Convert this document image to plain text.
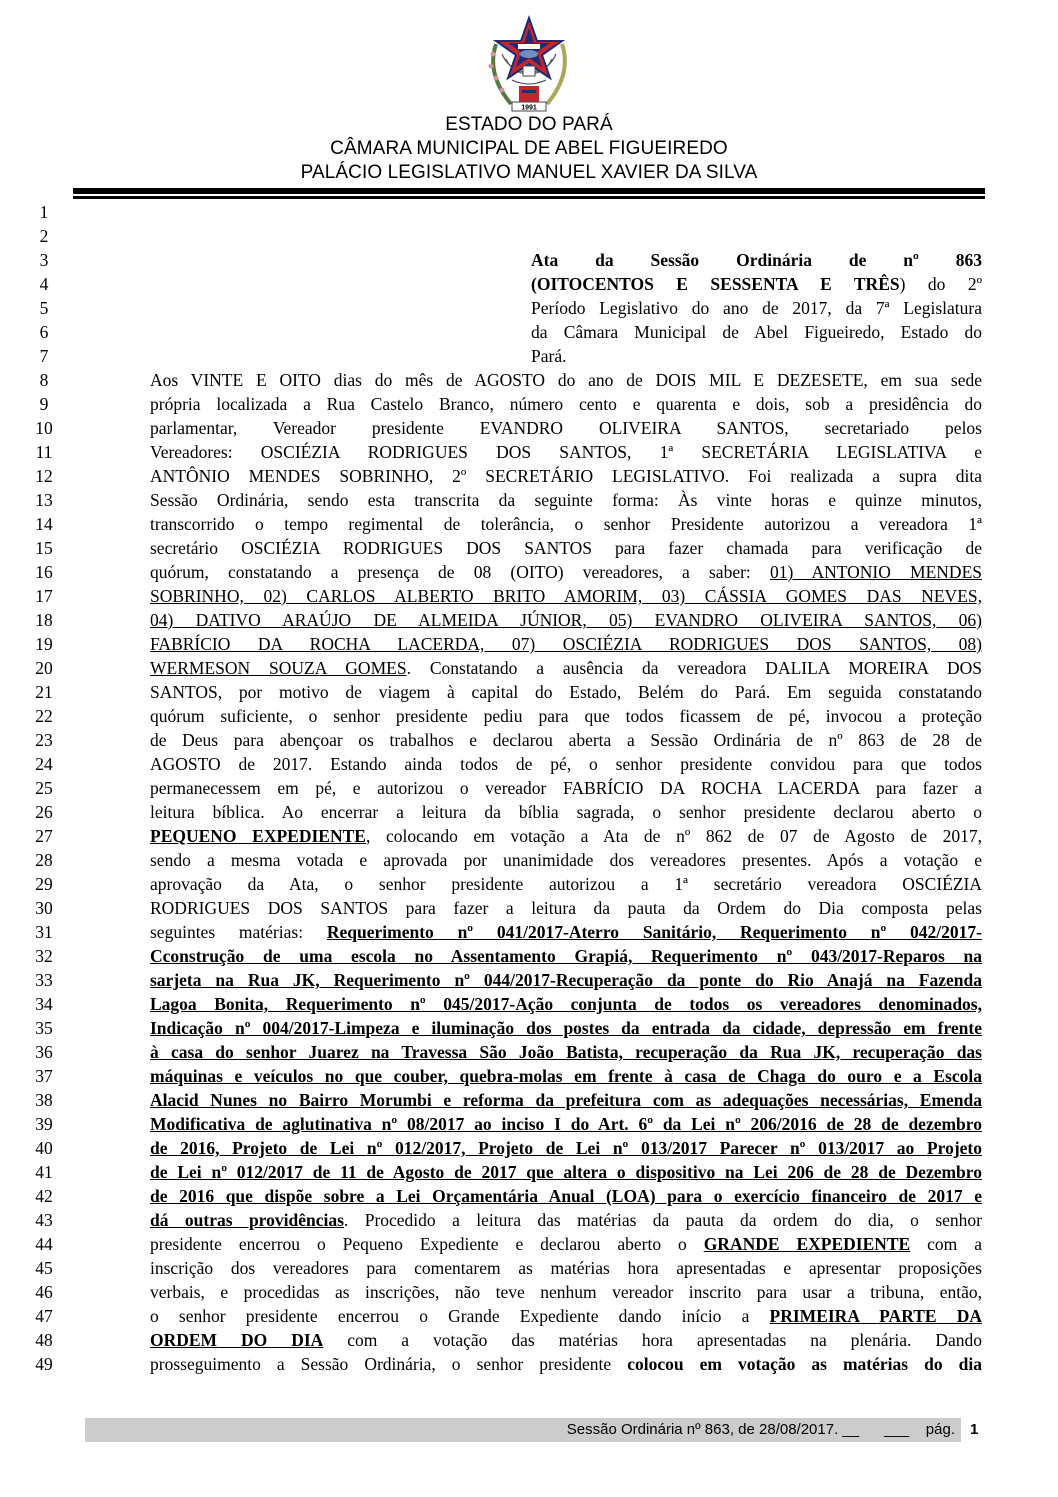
1991
ESTADO DO PARÁ
CÂMARA MUNICIPAL DE ABEL FIGUEIREDO
PALÁCIO LEGISLATIVO MANUEL XAVIER DA SILVA
1
2
3
4
5
6
7
8
9
10
11
12
13
14
15
16
17
18
19
20
21
22
23
24
25
26
27
28
29
30
31
32
33
34
35
36
37
38
39
40
41
42
43
44
45
46
47
48
49
Ata da Sessão Ordinária de nº 863
(OITOCENTOS E SESSENTA E TRÊS) do 2º
Período Legislativo do ano de 2017, da 7ª Legislatura
da Câmara Municipal de Abel Figueiredo, Estado do
Pará.
Aos VINTE E OITO dias do mês de AGOSTO do ano de DOIS MIL E DEZESETE, em sua sede
própria localizada a Rua Castelo Branco, número cento e quarenta e dois, sob a presidência do
parlamentar, Vereador presidente EVANDRO OLIVEIRA SANTOS, secretariado pelos
Vereadores: OSCIÉZIA RODRIGUES DOS SANTOS, 1ª SECRETÁRIA LEGISLATIVA e
ANTÔNIO MENDES SOBRINHO, 2º SECRETÁRIO LEGISLATIVO. Foi realizada a supra dita
Sessão Ordinária, sendo esta transcrita da seguinte forma: Às vinte horas e quinze minutos,
transcorrido o tempo regimental de tolerância, o senhor Presidente autorizou a vereadora 1ª
secretário OSCIÉZIA RODRIGUES DOS SANTOS para fazer chamada para verificação de
quórum, constatando a presença de 08 (OITO) vereadores, a saber: 01) ANTONIO MENDES
SOBRINHO, 02) CARLOS ALBERTO BRITO AMORIM, 03) CÁSSIA GOMES DAS NEVES,
04) DATIVO ARAÚJO DE ALMEIDA JÚNIOR, 05) EVANDRO OLIVEIRA SANTOS, 06)
FABRÍCIO DA ROCHA LACERDA, 07) OSCIÉZIA RODRIGUES DOS SANTOS, 08)
WERMESON SOUZA GOMES. Constatando a ausência da vereadora DALILA MOREIRA DOS
SANTOS, por motivo de viagem à capital do Estado, Belém do Pará. Em seguida constatando
quórum suficiente, o senhor presidente pediu para que todos ficassem de pé, invocou a proteção
de Deus para abençoar os trabalhos e declarou aberta a Sessão Ordinária de nº 863 de 28 de
AGOSTO de 2017. Estando ainda todos de pé, o senhor presidente convidou para que todos
permanecessem em pé, e autorizou o vereador FABRÍCIO DA ROCHA LACERDA para fazer a
leitura bíblica. Ao encerrar a leitura da bíblia sagrada, o senhor presidente declarou aberto o
PEQUENO EXPEDIENTE, colocando em votação a Ata de nº 862 de 07 de Agosto de 2017,
sendo a mesma votada e aprovada por unanimidade dos vereadores presentes. Após a votação e
aprovação da Ata, o senhor presidente autorizou a 1ª secretário vereadora OSCIÉZIA
RODRIGUES DOS SANTOS para fazer a leitura da pauta da Ordem do Dia composta pelas
seguintes matérias: Requerimento nº 041/2017-Aterro Sanitário, Requerimento nº 042/2017-
Cconstrução de uma escola no Assentamento Grapiá, Requerimento nº 043/2017-Reparos na
sarjeta na Rua JK, Requerimento nº 044/2017-Recuperação da ponte do Rio Anajá na Fazenda
Lagoa Bonita, Requerimento nº 045/2017-Ação conjunta de todos os vereadores denominados,
Indicação nº 004/2017-Limpeza e iluminação dos postes da entrada da cidade, depressão em frente
à casa do senhor Juarez na Travessa São João Batista, recuperação da Rua JK, recuperação das
máquinas e veículos no que couber, quebra-molas em frente à casa de Chaga do ouro e a Escola
Alacid Nunes no Bairro Morumbi e reforma da prefeitura com as adequações necessárias, Emenda
Modificativa de aglutinativa nº 08/2017 ao inciso I do Art. 6º da Lei nº 206/2016 de 28 de dezembro
de 2016, Projeto de Lei nº 012/2017, Projeto de Lei nº 013/2017 Parecer nº 013/2017 ao Projeto
de Lei nº 012/2017 de 11 de Agosto de 2017 que altera o dispositivo na Lei 206 de 28 de Dezembro
de 2016 que dispõe sobre a Lei Orçamentária Anual (LOA) para o exercício financeiro de 2017 e
dá outras providências. Procedido a leitura das matérias da pauta da ordem do dia, o senhor
presidente encerrou o Pequeno Expediente e declarou aberto o GRANDE EXPEDIENTE com a
inscrição dos vereadores para comentarem as matérias hora apresentadas e apresentar proposições
verbais, e procedidas as inscrições, não teve nenhum vereador inscrito para usar a tribuna, então,
o senhor presidente encerrou o Grande Expediente dando início a PRIMEIRA PARTE DA
ORDEM DO DIA com a votação das matérias hora apresentadas na plenária. Dando
prosseguimento a Sessão Ordinária, o senhor presidente colocou em votação as matérias do dia
Sessão Ordinária nº 863, de 28/08/2017. __      ___    pág. 1
